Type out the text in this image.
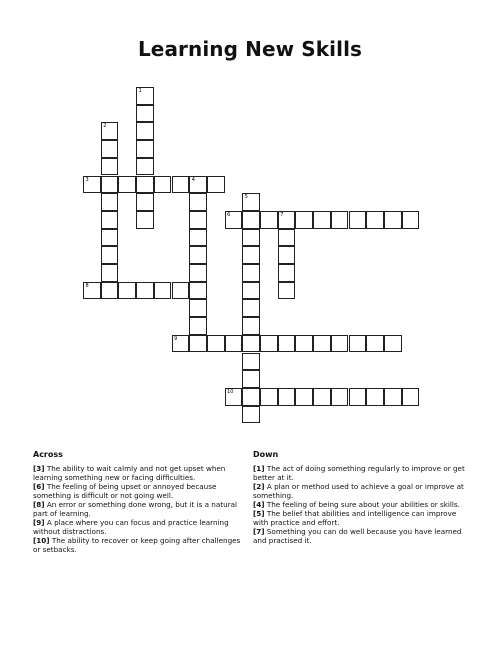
Learning New Skills
3	4
6	7
8
9
10
1
2
5
Across
[3] The ability to wait calmly and not get upset when learning something new or facing difficulties.
[6] The feeling of being upset or annoyed because something is difficult or not going well.
[8] An error or something done wrong, but it is a natural part of learning.
[9] A place where you can focus and practice learning without distractions.
[10] The ability to recover or keep going after challenges or setbacks.
Down
[1] The act of doing something regularly to improve or get better at it.
[2] A plan or method used to achieve a goal or improve at something.
[4] The feeling of being sure about your abilities or skills.
[5] The belief that abilities and intelligence can improve with practice and effort.
[7] Something you can do well because you have learned and practised it.
